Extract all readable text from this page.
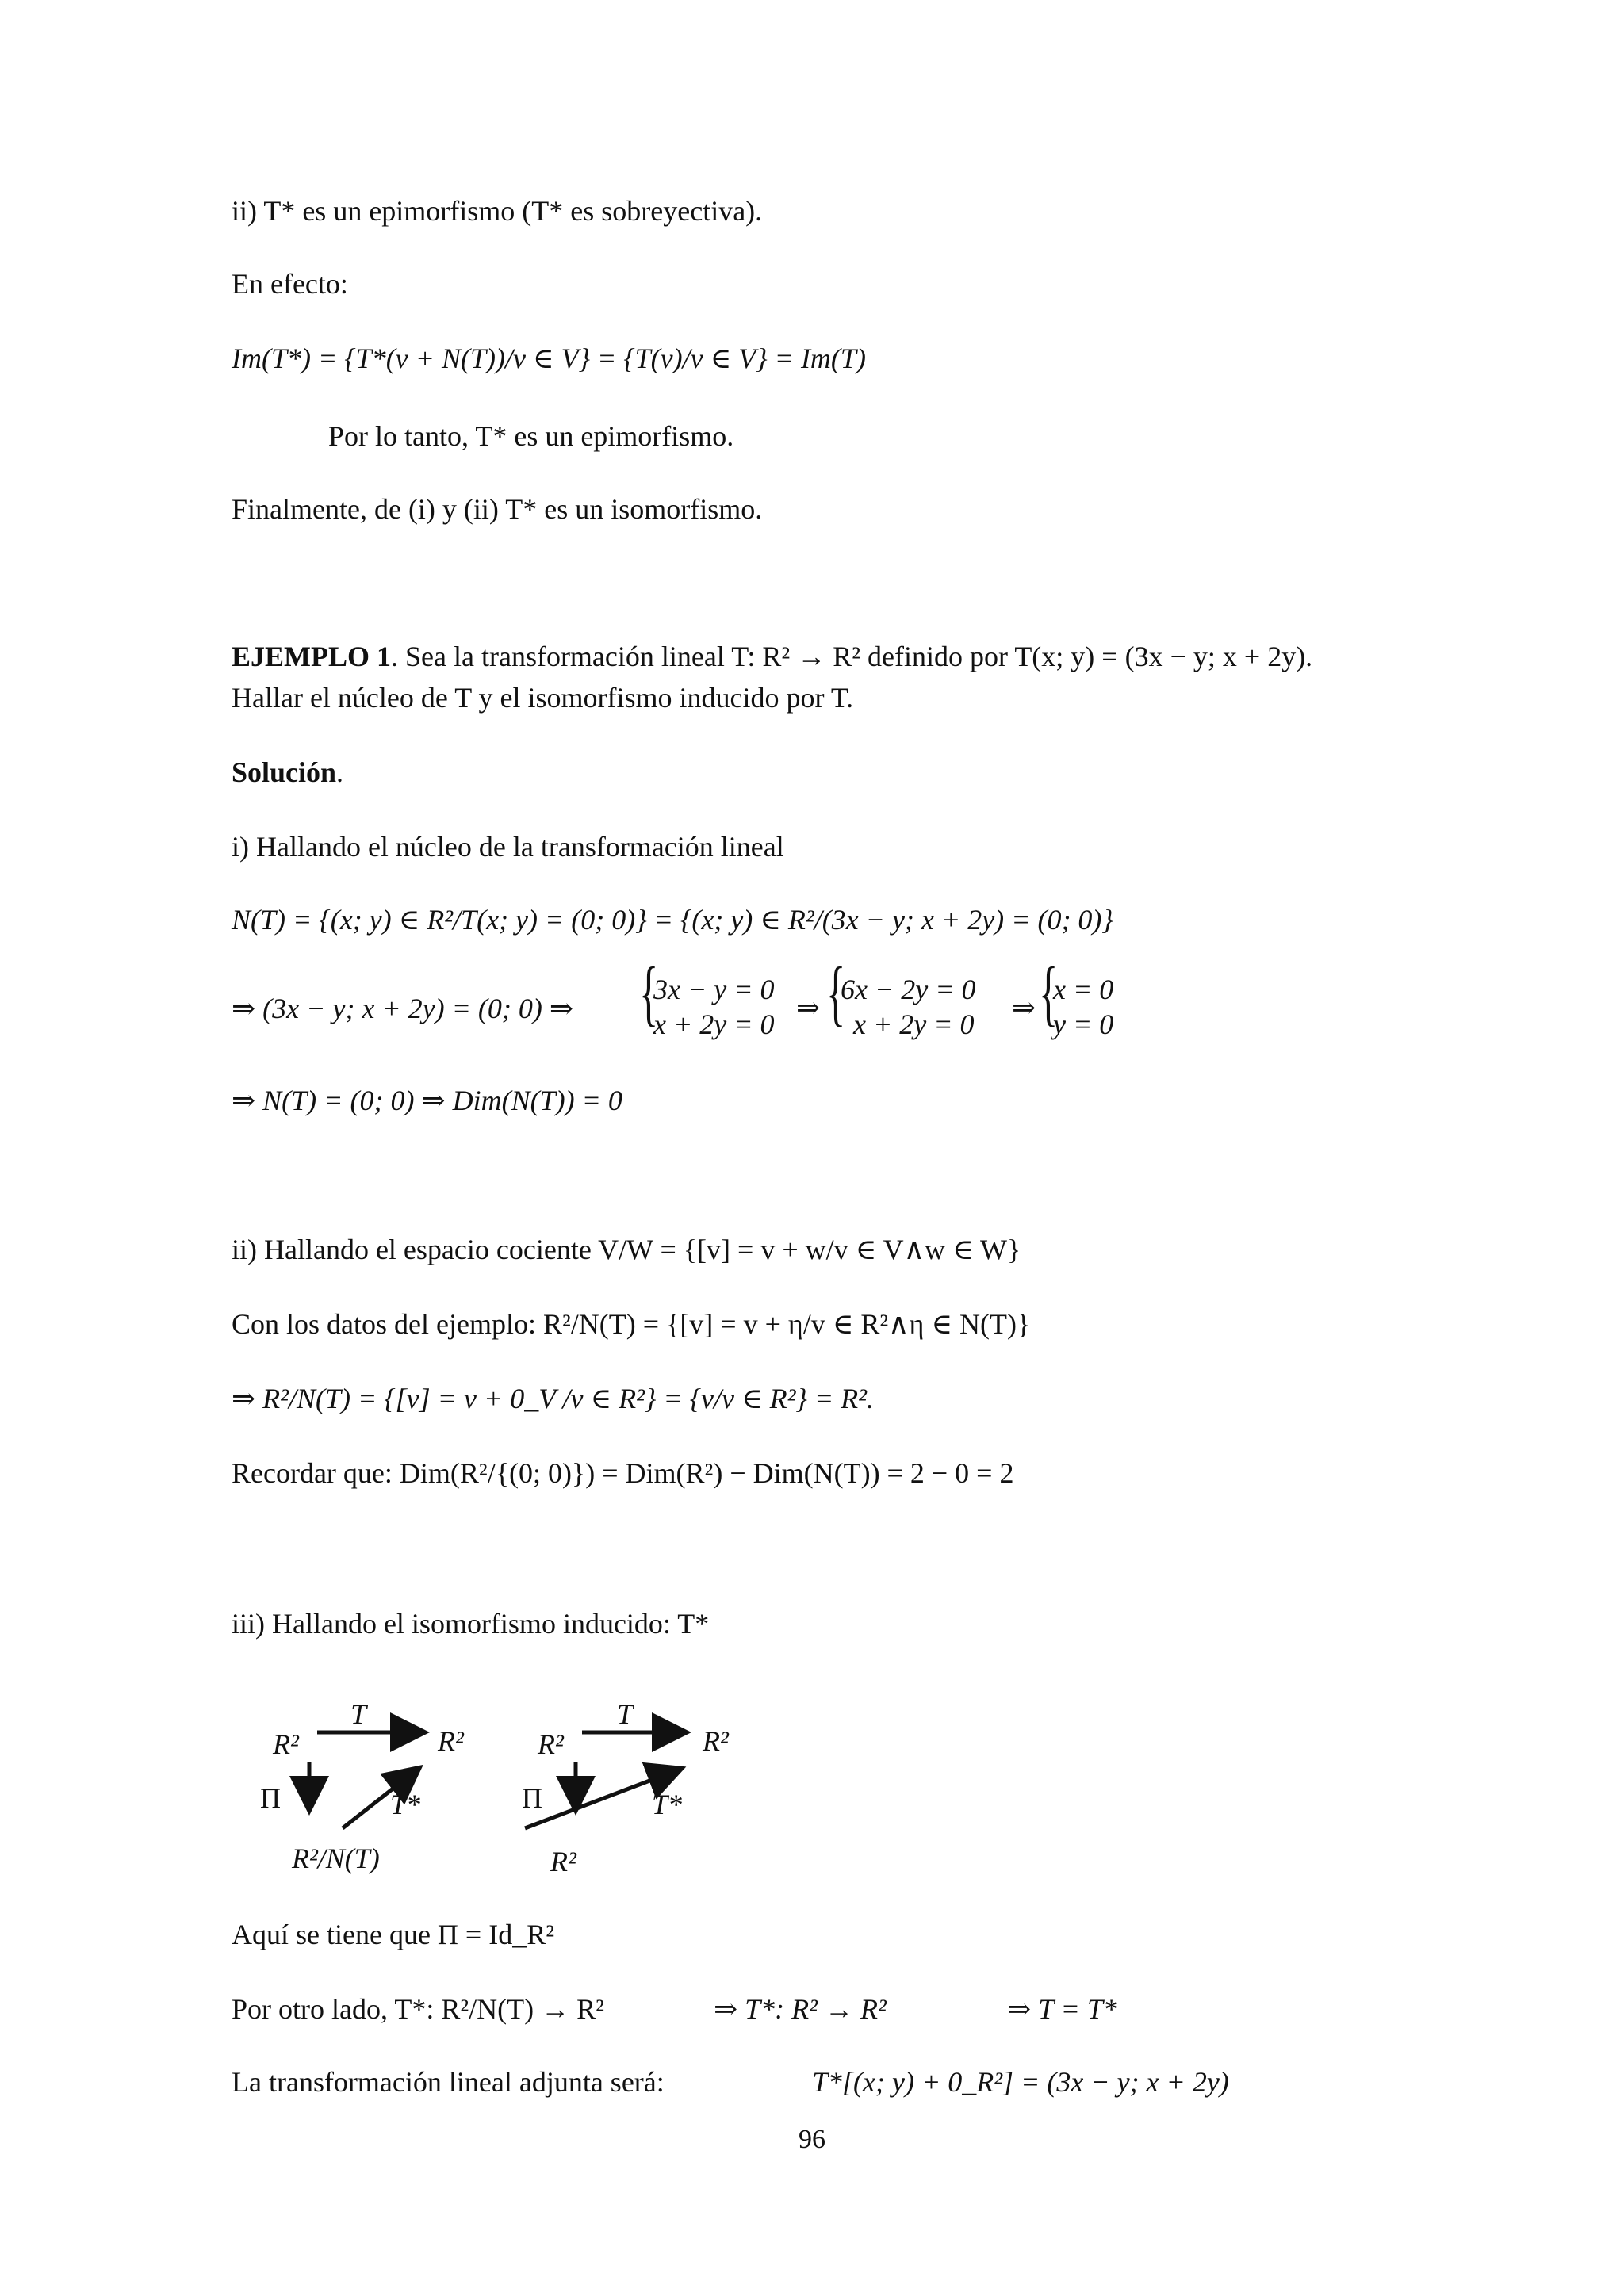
ii) T* es un epimorfismo (T* es sobreyectiva).
En efecto:
Im(T*) = {T*(v + N(T))/v ∈ V} = {T(v)/v ∈ V} = Im(T)
Por lo tanto, T* es un epimorfismo.
Finalmente, de (i) y (ii) T* es un isomorfismo.
EJEMPLO 1. Sea la transformación lineal T: R² → R² definido por T(x; y) = (3x − y; x + 2y).
Hallar el núcleo de T y el isomorfismo inducido por T.
Solución.
i) Hallando el núcleo de la transformación lineal
N(T) = {(x; y) ∈ R²/T(x; y) = (0; 0)} = {(x; y) ∈ R²/(3x − y; x + 2y) = (0; 0)}
⇒ (3x − y; x + 2y) = (0; 0) ⇒ {
3x − y = 0
x + 2y = 0
⇒ {
6x − 2y = 0
x + 2y = 0
⇒ {
x = 0
y = 0
⇒ N(T) = (0; 0) ⇒ Dim(N(T)) = 0
ii) Hallando el espacio cociente V/W = {[v] = v + w/v ∈ V∧w ∈ W}
Con los datos del ejemplo: R²/N(T) = {[v] = v + η/v ∈ R²∧η ∈ N(T)}
⇒ R²/N(T) = {[v] = v + 0_V /v ∈ R²} = {v/v ∈ R²} = R².
Recordar que: Dim(R²/{(0; 0)}) = Dim(R²) − Dim(N(T)) = 2 − 0 = 2
iii) Hallando el isomorfismo inducido: T*
T
R²	R²
Π	T*
R²/N(T)
T
R²	R²
Π	T*
R²
Aquí se tiene que Π = Id_R²
Por otro lado, T*: R²/N(T) → R²	⇒ T*: R² → R²	⇒ T = T*
La transformación lineal adjunta será:	T*[(x; y) + 0_R²] = (3x − y; x + 2y)
96
